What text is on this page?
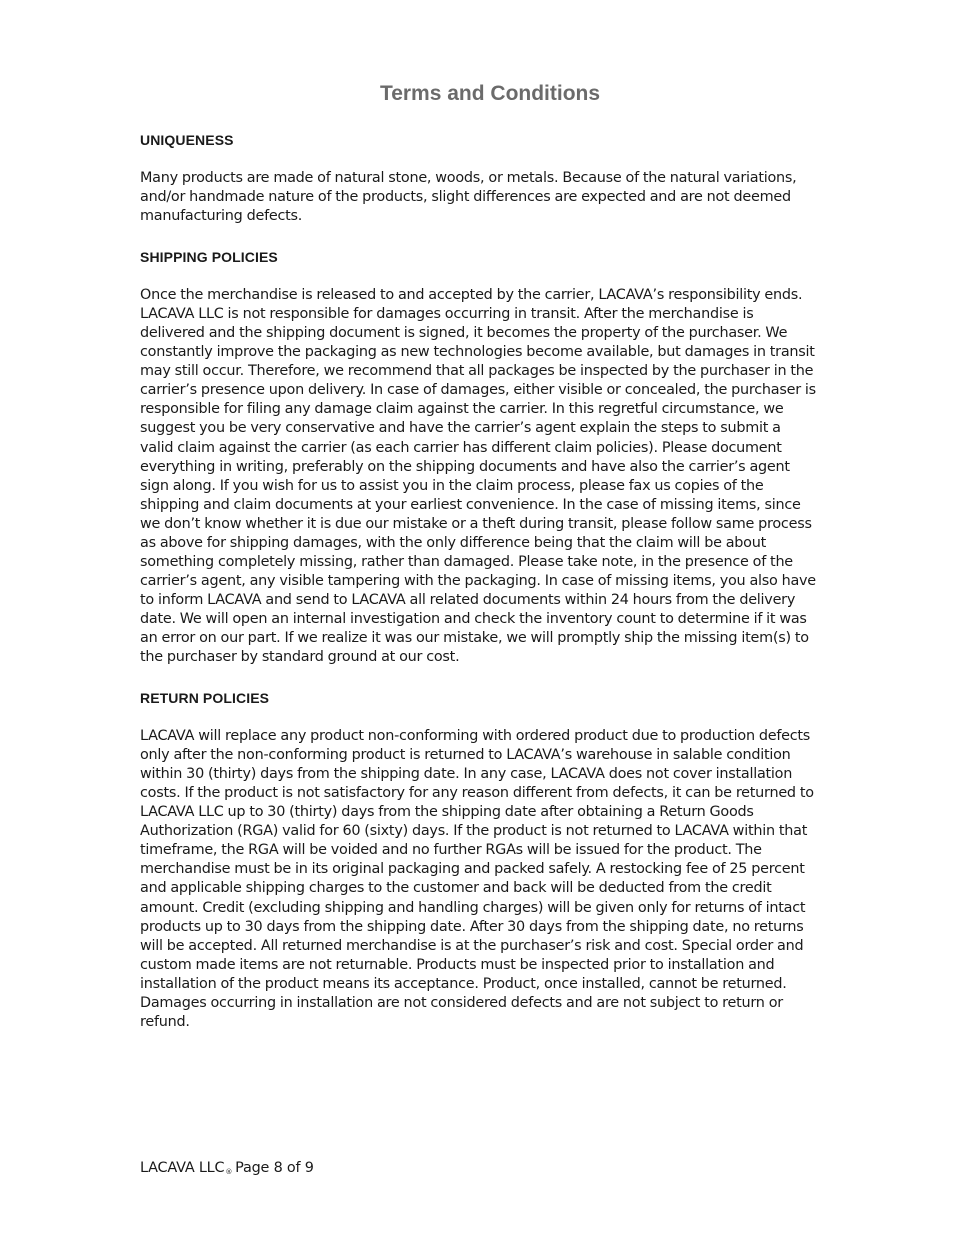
Terms and Conditions
UNIQUENESS

Many products are made of natural stone, woods, or metals. Because of the natural variations, and/or handmade nature of the products, slight differences are expected and are not deemed manufacturing defects.

SHIPPING POLICIES

Once the merchandise is released to and accepted by the carrier, LACAVA’s responsibility ends. LACAVA LLC is not responsible for damages occurring in transit. After the merchandise is delivered and the shipping document is signed, it becomes the property of the purchaser. We constantly improve the packaging as new technologies become available, but damages in transit may still occur. Therefore, we recommend that all packages be inspected by the purchaser in the carrier’s presence upon delivery. In case of damages, either visible or concealed, the purchaser is responsible for filing any damage claim against the carrier. In this regretful circumstance, we suggest you be very conservative and have the carrier’s agent explain the steps to submit a valid claim against the carrier (as each carrier has different claim policies). Please document everything in writing, preferably on the shipping documents and have also the carrier’s agent sign along. If you wish for us to assist you in the claim process, please fax us copies of the shipping and claim documents at your earliest convenience. In the case of missing items, since we don’t know whether it is due our mistake or a theft during transit, please follow same process as above for shipping damages, with the only difference being that the claim will be about something completely missing, rather than damaged. Please take note, in the presence of the carrier’s agent, any visible tampering with the packaging. In case of missing items, you also have to inform LACAVA and send to LACAVA all related documents within 24 hours from the delivery date. We will open an internal investigation and check the inventory count to determine if it was an error on our part. If we realize it was our mistake, we will promptly ship the missing item(s) to the purchaser by standard ground at our cost.

RETURN POLICIES

LACAVA will replace any product non-conforming with ordered product due to production defects only after the non-conforming product is returned to LACAVA’s warehouse in salable condition within 30 (thirty) days from the shipping date. In any case, LACAVA does not cover installation costs. If the product is not satisfactory for any reason different from defects, it can be returned to LACAVA LLC up to 30 (thirty) days from the shipping date after obtaining a Return Goods Authorization (RGA) valid for 60 (sixty) days. If the product is not returned to LACAVA within that timeframe, the RGA will be voided and no further RGAs will be issued for the product. The merchandise must be in its original packaging and packed safely. A restocking fee of 25 percent and applicable shipping charges to the customer and back will be deducted from the credit amount. Credit (excluding shipping and handling charges) will be given only for returns of intact products up to 30 days from the shipping date. After 30 days from the shipping date, no returns will be accepted. All returned merchandise is at the purchaser’s risk and cost. Special order and custom made items are not returnable. Products must be inspected prior to installation and installation of the product means its acceptance. Product, once installed, cannot be returned. Damages occurring in installation are not considered defects and are not subject to return or refund.

LACAVA LLC® Page 8 of 9
